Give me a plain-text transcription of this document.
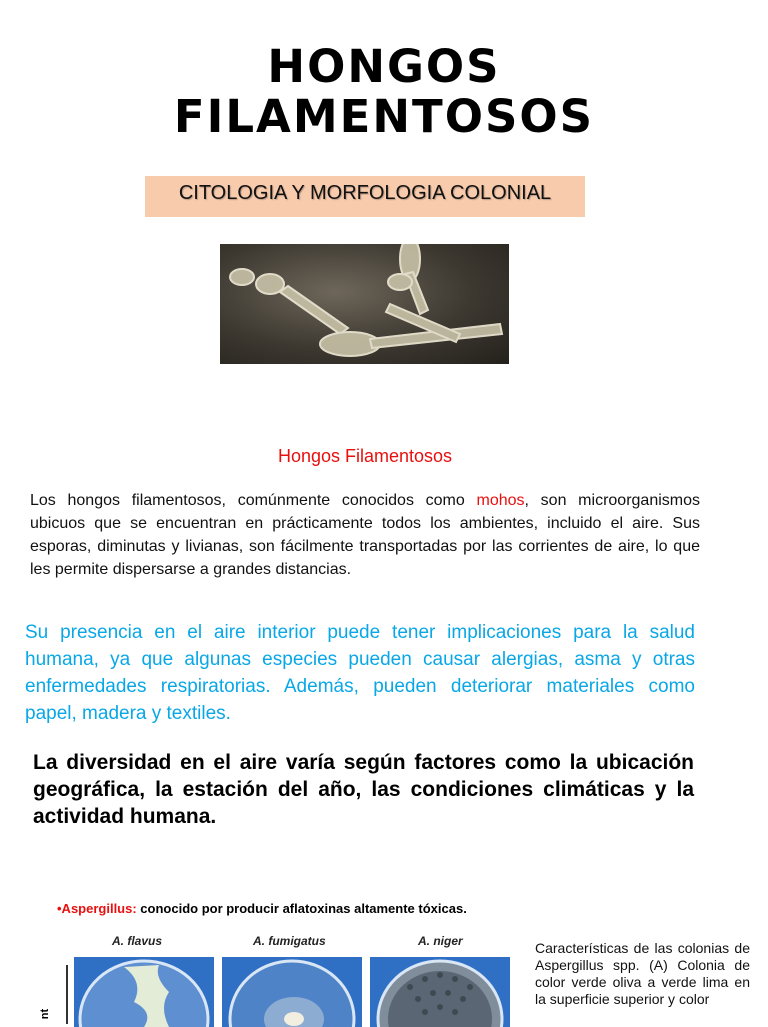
HONGOS
FILAMENTOSOS
CITOLOGIA Y MORFOLOGIA COLONIAL
Hongos Filamentosos
Los hongos filamentosos, comúnmente conocidos como mohos, son microorganismos ubicuos que se encuentran en prácticamente todos los ambientes, incluido el aire. Sus esporas, diminutas y livianas, son fácilmente transportadas por las corrientes de aire, lo que les permite dispersarse a grandes distancias.
Su presencia en el aire interior puede tener implicaciones para la salud humana, ya que algunas especies pueden causar alergias, asma y otras enfermedades respiratorias. Además, pueden deteriorar materiales como papel, madera y textiles.
La diversidad en el aire varía según factores como la ubicación geográfica, la estación del año, las condiciones climáticas y la actividad humana.
•Aspergillus: conocido por producir aflatoxinas altamente tóxicas.
A. flavus	A. fumigatus	A. niger
nt
Características de las colonias de Aspergillus spp. (A) Colonia de color verde oliva a verde lima en la superficie superior y color
